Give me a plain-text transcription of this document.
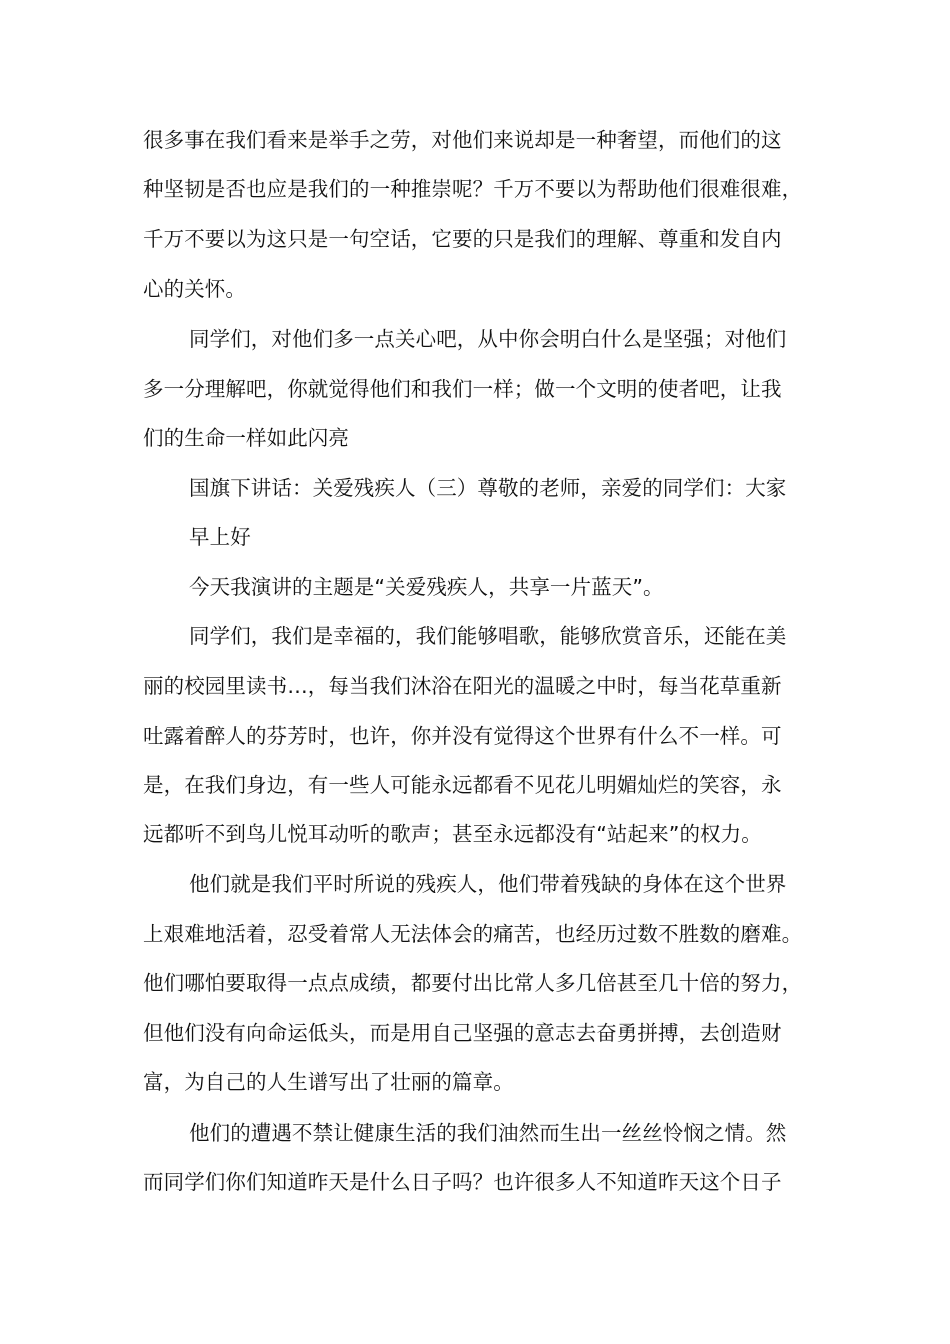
很多事在我们看来是举手之劳，对他们来说却是一种奢望，而他们的这
种坚韧是否也应是我们的一种推崇呢？千万不要以为帮助他们很难很难，
千万不要以为这只是一句空话，它要的只是我们的理解、尊重和发自内
心的关怀。
同学们，对他们多一点关心吧，从中你会明白什么是坚强；对他们
多一分理解吧，你就觉得他们和我们一样；做一个文明的使者吧，让我
们的生命一样如此闪亮
国旗下讲话：关爱残疾人（三）尊敬的老师，亲爱的同学们：大家
早上好
今天我演讲的主题是“关爱残疾人，共享一片蓝天”。
同学们，我们是幸福的，我们能够唱歌，能够欣赏音乐，还能在美
丽的校园里读书…，每当我们沐浴在阳光的温暖之中时，每当花草重新
吐露着醉人的芬芳时，也许，你并没有觉得这个世界有什么不一样。可
是，在我们身边，有一些人可能永远都看不见花儿明媚灿烂的笑容，永
远都听不到鸟儿悦耳动听的歌声；甚至永远都没有“站起来”的权力。
他们就是我们平时所说的残疾人，他们带着残缺的身体在这个世界
上艰难地活着，忍受着常人无法体会的痛苦，也经历过数不胜数的磨难。
他们哪怕要取得一点点成绩，都要付出比常人多几倍甚至几十倍的努力，
但他们没有向命运低头，而是用自己坚强的意志去奋勇拼搏，去创造财
富，为自己的人生谱写出了壮丽的篇章。
他们的遭遇不禁让健康生活的我们油然而生出一丝丝怜悯之情。然
而同学们你们知道昨天是什么日子吗？也许很多人不知道昨天这个日子
